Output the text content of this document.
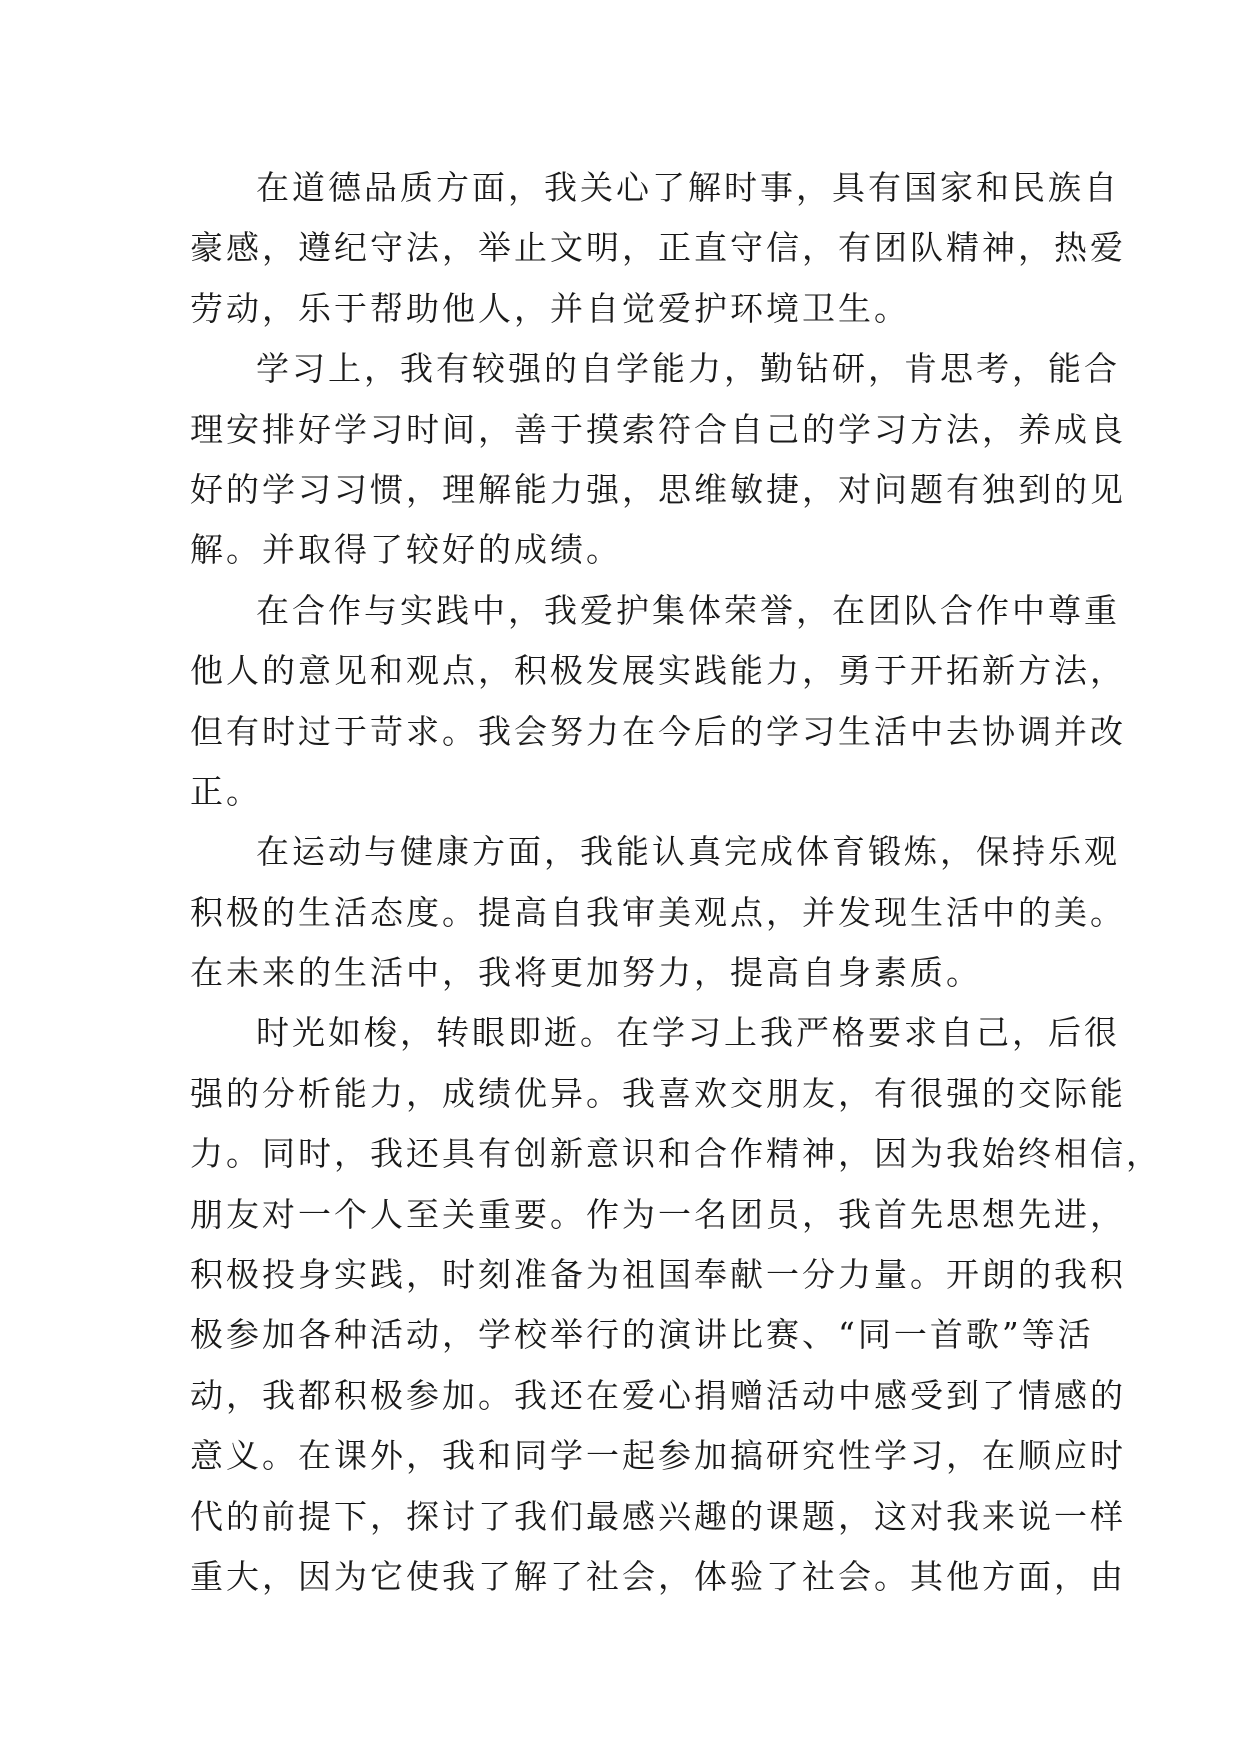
在道德品质方面，我关心了解时事，具有国家和民族自
豪感，遵纪守法，举止文明，正直守信，有团队精神，热爱
劳动，乐于帮助他人，并自觉爱护环境卫生。
学习上，我有较强的自学能力，勤钻研，肯思考，能合
理安排好学习时间，善于摸索符合自己的学习方法，养成良
好的学习习惯，理解能力强，思维敏捷，对问题有独到的见
解。并取得了较好的成绩。
在合作与实践中，我爱护集体荣誉，在团队合作中尊重
他人的意见和观点，积极发展实践能力，勇于开拓新方法，
但有时过于苛求。我会努力在今后的学习生活中去协调并改
正。
在运动与健康方面，我能认真完成体育锻炼，保持乐观
积极的生活态度。提高自我审美观点，并发现生活中的美。
在未来的生活中，我将更加努力，提高自身素质。
时光如梭，转眼即逝。在学习上我严格要求自己，后很
强的分析能力，成绩优异。我喜欢交朋友，有很强的交际能
力。同时，我还具有创新意识和合作精神，因为我始终相信，
朋友对一个人至关重要。作为一名团员，我首先思想先进，
积极投身实践，时刻准备为祖国奉献一分力量。开朗的我积
极参加各种活动，学校举行的演讲比赛、“同一首歌”等活
动，我都积极参加。我还在爱心捐赠活动中感受到了情感的
意义。在课外，我和同学一起参加搞研究性学习，在顺应时
代的前提下，探讨了我们最感兴趣的课题，这对我来说一样
重大，因为它使我了解了社会，体验了社会。其他方面，由
